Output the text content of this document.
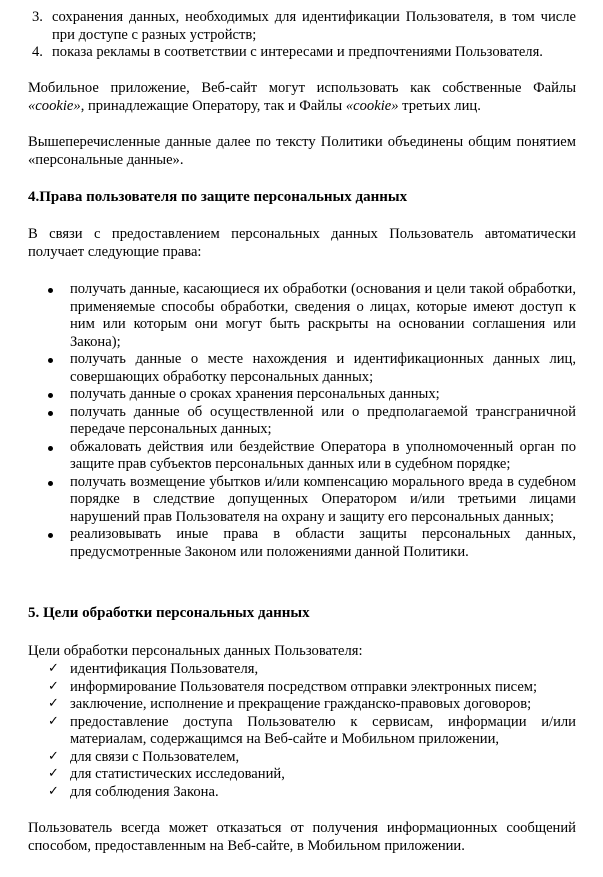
3. сохранения данных, необходимых для идентификации Пользователя, в том числе при доступе с разных устройств;
4. показа рекламы в соответствии с интересами и предпочтениями Пользователя.

Мобильное приложение, Веб-сайт могут использовать как собственные Файлы «cookie», принадлежащие Оператору, так и Файлы «cookie» третьих лиц.

Вышеперечисленные данные далее по тексту Политики объединены общим понятием «персональные данные».

4.Права пользователя по защите персональных данных

В связи с предоставлением персональных данных Пользователь автоматически получает следующие права:

получать данные, касающиеся их обработки (основания и цели такой обработки, применяемые способы обработки, сведения о лицах, которые имеют доступ к ним или которым они могут быть раскрыты на основании соглашения или Закона);
получать данные о месте нахождения и идентификационных данных лиц, совершающих обработку персональных данных;
получать данные о сроках хранения персональных данных;
получать данные об осуществленной или о предполагаемой трансграничной передаче персональных данных;
обжаловать действия или бездействие Оператора в уполномоченный орган по защите прав субъектов персональных данных или в судебном порядке;
получать возмещение убытков и/или компенсацию морального вреда в судебном порядке в следствие допущенных Оператором и/или третьими лицами нарушений прав Пользователя на охрану и защиту его персональных данных;
реализовывать иные права в области защиты персональных данных, предусмотренные Законом или положениями данной Политики.
5. Цели обработки персональных данных

Цели обработки персональных данных Пользователя:

✓ идентификация Пользователя,
✓ информирование Пользователя посредством отправки электронных писем;
✓ заключение, исполнение и прекращение гражданско-правовых договоров;
✓ предоставление доступа Пользователю к сервисам, информации и/или материалам, содержащимся на Веб-сайте и Мобильном приложении,
✓ для связи с Пользователем,
✓ для статистических исследований,
✓ для соблюдения Закона.

Пользователь всегда может отказаться от получения информационных сообщений способом, предоставленным на Веб-сайте, в Мобильном приложении.
